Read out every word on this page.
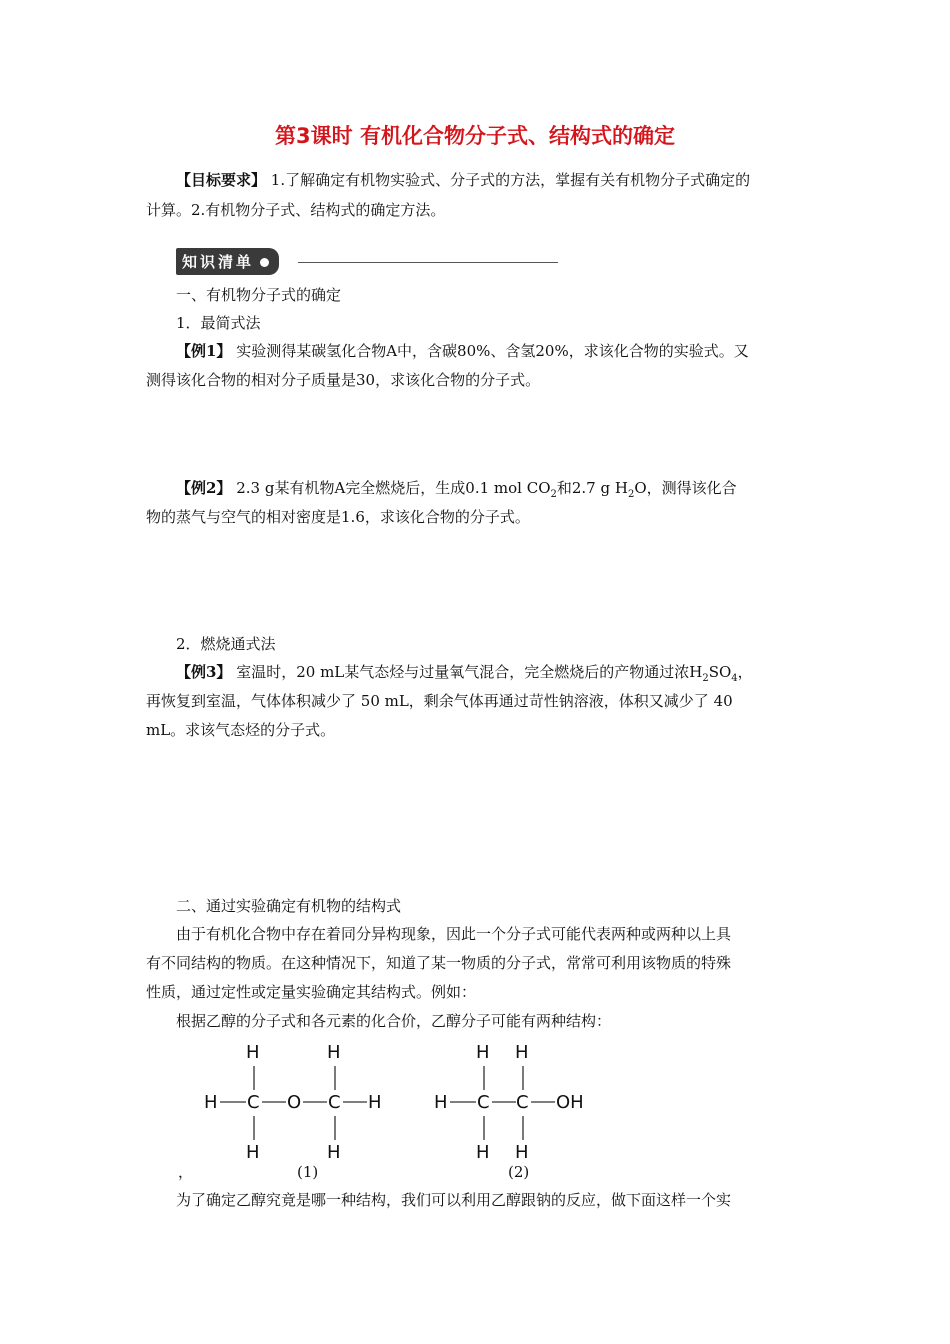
第3课时 有机化合物分子式、结构式的确定
【目标要求】 1.了解确定有机物实验式、分子式的方法，掌握有关有机物分子式确定的
计算。2.有机物分子式、结构式的确定方法。
知识清单
一、有机物分子式的确定
1．最简式法
【例1】 实验测得某碳氢化合物A中，含碳80%、含氢20%，求该化合物的实验式。又
测得该化合物的相对分子质量是30，求该化合物的分子式。
【例2】 2.3 g某有机物A完全燃烧后，生成0.1 mol $CO_2$和2.7 g $H_2O$，测得该化合
物的蒸气与空气的相对密度是1.6，求该化合物的分子式。
2．燃烧通式法
【例3】 室温时，20 mL某气态烃与过量氧气混合，完全燃烧后的产物通过浓$H_2SO_4$，
再恢复到室温，气体体积减少了 50 mL，剩余气体再通过苛性钠溶液，体积又减少了 40
mL。求该气态烃的分子式。
二、通过实验确定有机物的结构式
由于有机化合物中存在着同分异构现象，因此一个分子式可能代表两种或两种以上具
有不同结构的物质。在这种情况下，知道了某一物质的分子式，常常可利用该物质的特殊
性质，通过定性或定量实验确定其结构式。例如：
根据乙醇的分子式和各元素的化合价，乙醇分子可能有两种结构：
H	H
H C O C H
H	H
H H
H C C OH
H H
，	(1)	(2)
为了确定乙醇究竟是哪一种结构，我们可以利用乙醇跟钠的反应，做下面这样一个实
